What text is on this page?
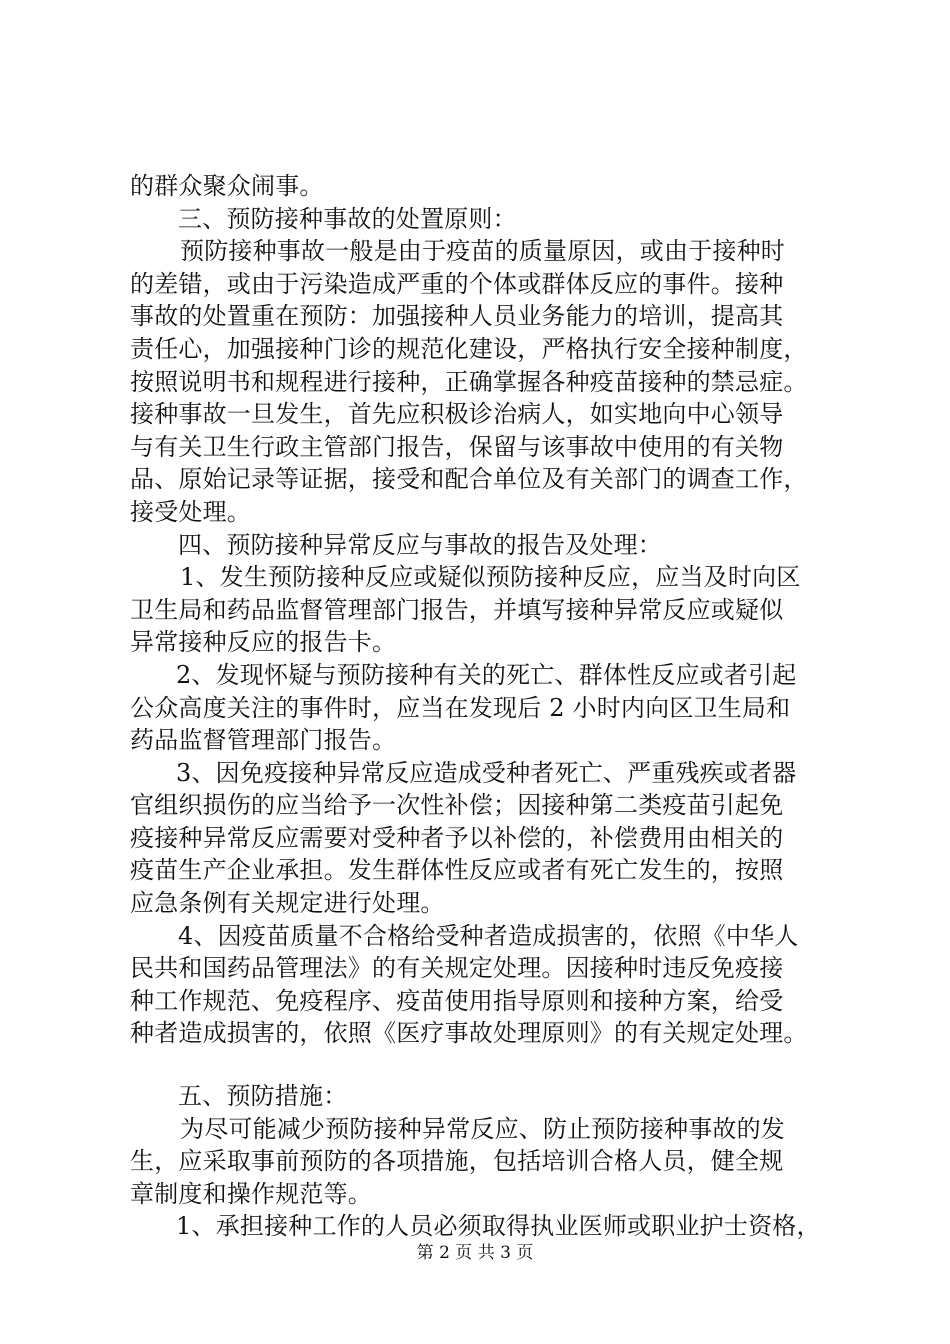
的群众聚众闹事。
三、预防接种事故的处置原则：
预防接种事故一般是由于疫苗的质量原因，或由于接种时
的差错，或由于污染造成严重的个体或群体反应的事件。接种
事故的处置重在预防：加强接种人员业务能力的培训，提高其
责任心，加强接种门诊的规范化建设，严格执行安全接种制度，
按照说明书和规程进行接种，正确掌握各种疫苗接种的禁忌症。
接种事故一旦发生，首先应积极诊治病人，如实地向中心领导
与有关卫生行政主管部门报告，保留与该事故中使用的有关物
品、原始记录等证据，接受和配合单位及有关部门的调查工作，
接受处理。
四、预防接种异常反应与事故的报告及处理：
1、发生预防接种反应或疑似预防接种反应，应当及时向区
卫生局和药品监督管理部门报告，并填写接种异常反应或疑似
异常接种反应的报告卡。
2、发现怀疑与预防接种有关的死亡、群体性反应或者引起
公众高度关注的事件时，应当在发现后 2 小时内向区卫生局和
药品监督管理部门报告。
3、因免疫接种异常反应造成受种者死亡、严重残疾或者器
官组织损伤的应当给予一次性补偿；因接种第二类疫苗引起免
疫接种异常反应需要对受种者予以补偿的，补偿费用由相关的
疫苗生产企业承担。发生群体性反应或者有死亡发生的，按照
应急条例有关规定进行处理。
4、因疫苗质量不合格给受种者造成损害的，依照《中华人
民共和国药品管理法》的有关规定处理。因接种时违反免疫接
种工作规范、免疫程序、疫苗使用指导原则和接种方案，给受
种者造成损害的，依照《医疗事故处理原则》的有关规定处理。
五、预防措施：
为尽可能减少预防接种异常反应、防止预防接种事故的发
生，应采取事前预防的各项措施，包括培训合格人员，健全规
章制度和操作规范等。
1、承担接种工作的人员必须取得执业医师或职业护士资格，
第 2 页 共 3 页
